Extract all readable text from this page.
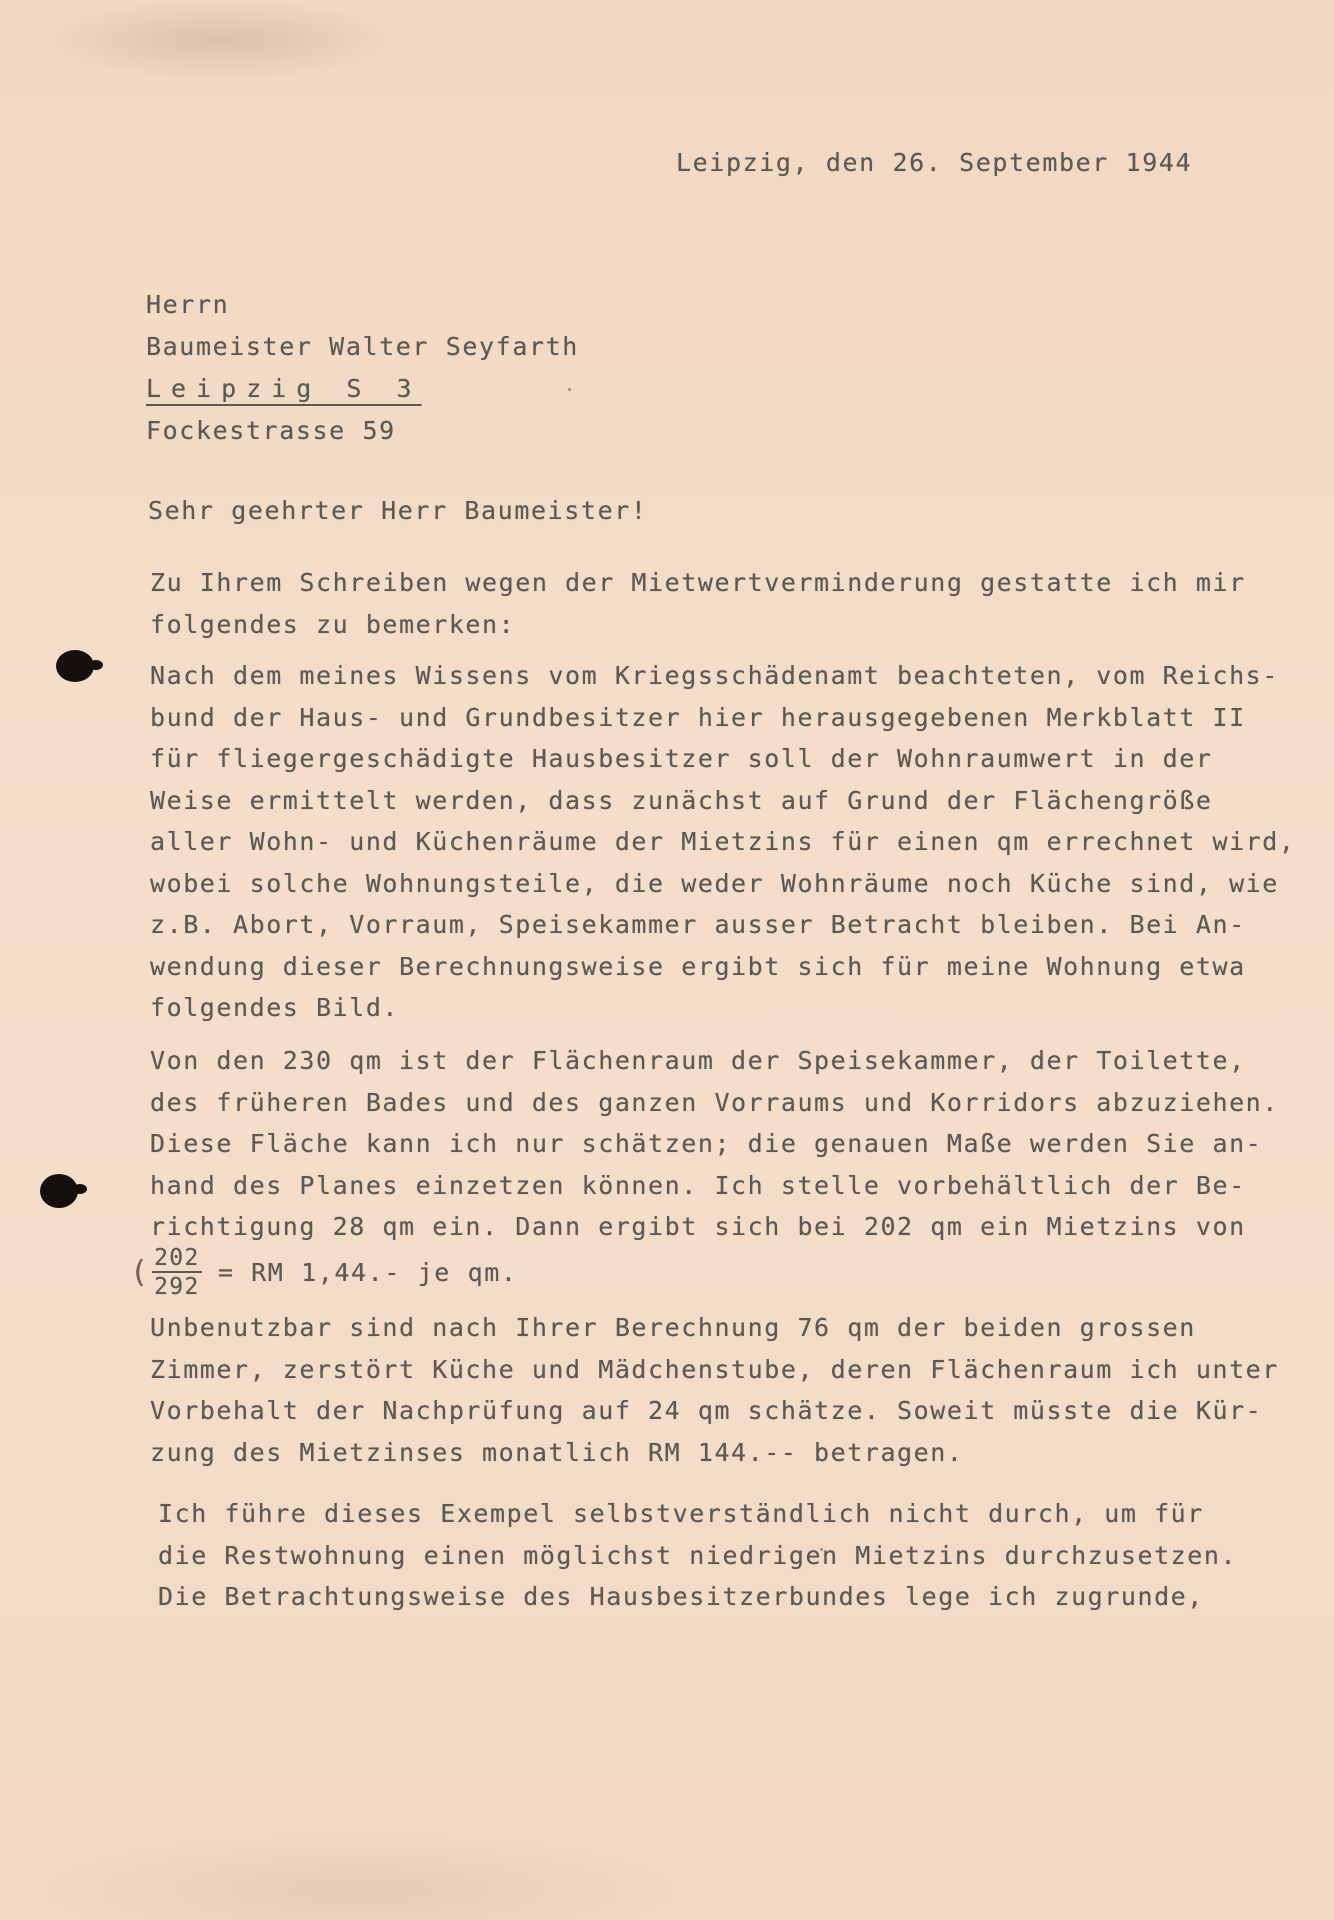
Leipzig, den 26. September 1944
Herrn
Baumeister Walter Seyfarth
Leipzig S 3
Fockestrasse 59
Sehr geehrter Herr Baumeister!
Zu Ihrem Schreiben wegen der Mietwertverminderung gestatte ich mir
folgendes zu bemerken:
Nach dem meines Wissens vom Kriegsschädenamt beachteten, vom Reichs-
bund der Haus- und Grundbesitzer hier herausgegebenen Merkblatt II
für fliegergeschädigte Hausbesitzer soll der Wohnraumwert in der
Weise ermittelt werden, dass zunächst auf Grund der Flächengröße
aller Wohn- und Küchenräume der Mietzins für einen qm errechnet wird,
wobei solche Wohnungsteile, die weder Wohnräume noch Küche sind, wie
z.B. Abort, Vorraum, Speisekammer ausser Betracht bleiben. Bei An-
wendung dieser Berechnungsweise ergibt sich für meine Wohnung etwa
folgendes Bild.
Von den 230 qm ist der Flächenraum der Speisekammer, der Toilette,
des früheren Bades und des ganzen Vorraums und Korridors abzuziehen.
Diese Fläche kann ich nur schätzen; die genauen Maße werden Sie an-
hand des Planes einzetzen können. Ich stelle vorbehältlich der Be-
richtigung 28 qm ein. Dann ergibt sich bei 202 qm ein Mietzins von
( $\frac{202}{292}$ = RM 1,44.- je qm.
Unbenutzbar sind nach Ihrer Berechnung 76 qm der beiden grossen
Zimmer, zerstört Küche und Mädchenstube, deren Flächenraum ich unter
Vorbehalt der Nachprüfung auf 24 qm schätze. Soweit müsste die Kür-
zung des Mietzinses monatlich RM 144.-- betragen.
Ich führe dieses Exempel selbstverständlich nicht durch, um für
die Restwohnung einen möglichst niedrigen Mietzins durchzusetzen.
Die Betrachtungsweise des Hausbesitzerbundes lege ich zugrunde,
